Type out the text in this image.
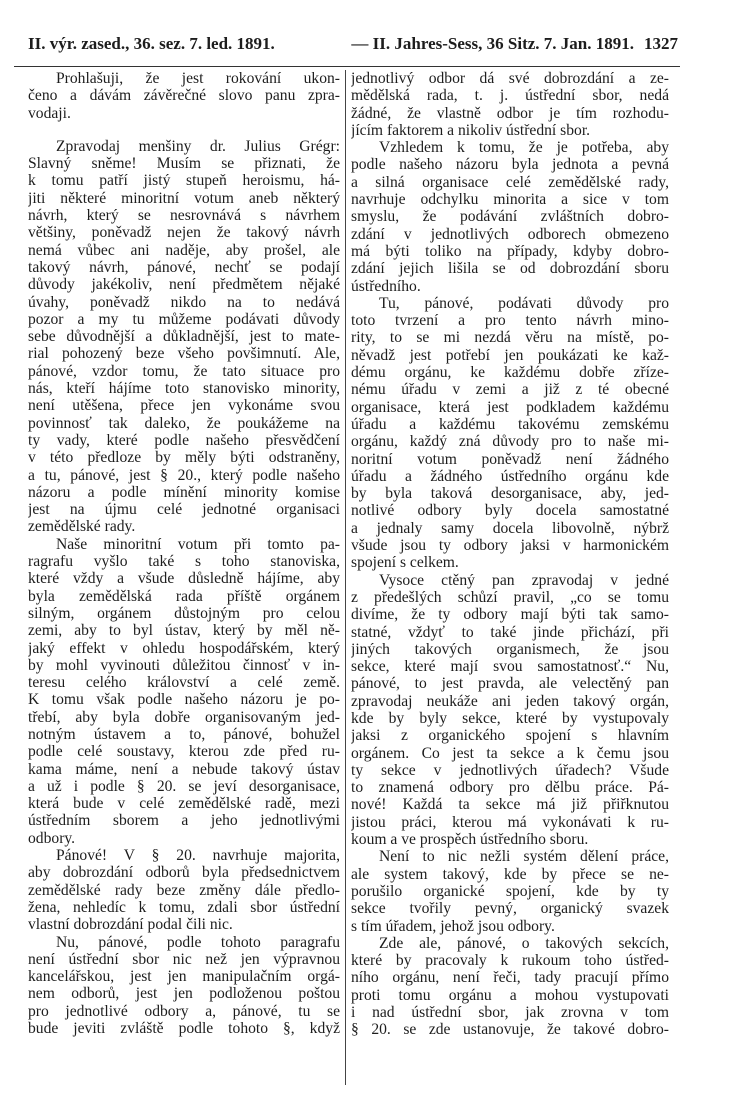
II. výr. zased., 36. sez. 7. led. 1891.	— II. Jahres-Sess, 36 Sitz. 7. Jan. 1891. 1327
Prohlašuji, že jest rokování ukon-
čeno a dávám závěrečné slovo panu zpra-
vodaji.
Zpravodaj menšiny dr. Julius Grégr:
Slavný sněme! Musím se přiznati, že
k tomu patří jistý stupeň heroismu, há-
jiti některé minoritní votum aneb některý
návrh, který se nesrovnává s návrhem
většiny, poněvadž nejen že takový návrh
nemá vůbec ani naděje, aby prošel, ale
takový návrh, pánové, nechť se podají
důvody jakékoliv, není předmětem nějaké
úvahy, poněvadž nikdo na to nedává
pozor a my tu můžeme podávati důvody
sebe důvodnější a důkladnější, jest to mate-
rial pohozený beze všeho povšimnutí. Ale,
pánové, vzdor tomu, že tato situace pro
nás, kteří hájíme toto stanovisko minority,
není utěšena, přece jen vykonáme svou
povinnosť tak daleko, že poukážeme na
ty vady, které podle našeho přesvědčení
v této předloze by měly býti odstraněny,
a tu, pánové, jest § 20., který podle našeho
názoru a podle mínění minority komise
jest na újmu celé jednotné organisaci
zemědělské rady.
Naše minoritní votum při tomto pa-
ragrafu vyšlo také s toho stanoviska,
které vždy a všude důsledně hájíme, aby
byla zemědělská rada příště orgánem
silným, orgánem důstojným pro celou
zemi, aby to byl ústav, který by měl ně-
jaký effekt v ohledu hospodářském, který
by mohl vyvinouti důležitou činnosť v in-
teresu celého království a celé země.
K tomu však podle našeho názoru je po-
třebí, aby byla dobře organisovaným jed-
notným ústavem a to, pánové, bohužel
podle celé soustavy, kterou zde před ru-
kama máme, není a nebude takový ústav
a už i podle § 20. se jeví desorganisace,
která bude v celé zemědělské radě, mezi
ústředním sborem a jeho jednotlivými
odbory.
Pánové! V § 20. navrhuje majorita,
aby dobrozdání odborů byla předsednictvem
zemědělské rady beze změny dále předlo-
žena, nehledíc k tomu, zdali sbor ústřední
vlastní dobrozdání podal čili nic.
Nu, pánové, podle tohoto paragrafu
není ústřední sbor nic než jen výpravnou
kancelářskou, jest jen manipulačním orgá-
nem odborů, jest jen podloženou poštou
pro jednotlivé odbory a, pánové, tu se
bude jeviti zvláště podle tohoto §, když
jednotlivý odbor dá své dobrozdání a ze-
mědělská rada, t. j. ústřední sbor, nedá
žádné, že vlastně odbor je tím rozhodu-
jícím faktorem a nikoliv ústřední sbor.
Vzhledem k tomu, že je potřeba, aby
podle našeho názoru byla jednota a pevná
a silná organisace celé zemědělské rady,
navrhuje odchylku minorita a sice v tom
smyslu, že podávání zvláštních dobro-
zdání v jednotlivých odborech obmezeno
má býti toliko na případy, kdyby dobro-
zdání jejich lišila se od dobrozdání sboru
ústředního.
Tu, pánové, podávati důvody pro
toto tvrzení a pro tento návrh mino-
rity, to se mi nezdá věru na místě, po-
něvadž jest potřebí jen poukázati ke kaž-
dému orgánu, ke každému dobře zříze-
nému úřadu v zemi a již z té obecné
organisace, která jest podkladem každému
úřadu a každému takovému zemskému
orgánu, každý zná důvody pro to naše mi-
noritní votum poněvadž není žádného
úřadu a žádného ústředního orgánu kde
by byla taková desorganisace, aby, jed-
notlivé odbory byly docela samostatné
a jednaly samy docela libovolně, nýbrž
všude jsou ty odbory jaksi v harmonickém
spojení s celkem.
Vysoce ctěný pan zpravodaj v jedné
z předešlých schůzí pravil, „co se tomu
divíme, že ty odbory mají býti tak samo-
statné, vždyť to také jinde přichází, při
jiných takových organismech, že jsou
sekce, které mají svou samostatnosť.“ Nu,
pánové, to jest pravda, ale velectěný pan
zpravodaj neukáže ani jeden takový orgán,
kde by byly sekce, které by vystupovaly
jaksi z organického spojení s hlavním
orgánem. Co jest ta sekce a k čemu jsou
ty sekce v jednotlivých úřadech? Všude
to znamená odbory pro dělbu práce. Pá-
nové! Každá ta sekce má již přiřknutou
jistou práci, kterou má vykonávati k ru-
koum a ve prospěch ústředního sboru.
Není to nic nežli systém dělení práce,
ale system takový, kde by přece se ne-
porušilo organické spojení, kde by ty
sekce tvořily pevný, organický svazek
s tím úřadem, jehož jsou odbory.
Zde ale, pánové, o takových sekcích,
které by pracovaly k rukoum toho ústřed-
ního orgánu, není řeči, tady pracují přímo
proti tomu orgánu a mohou vystupovati
i nad ústřední sbor, jak zrovna v tom
§ 20. se zde ustanovuje, že takové dobro-
